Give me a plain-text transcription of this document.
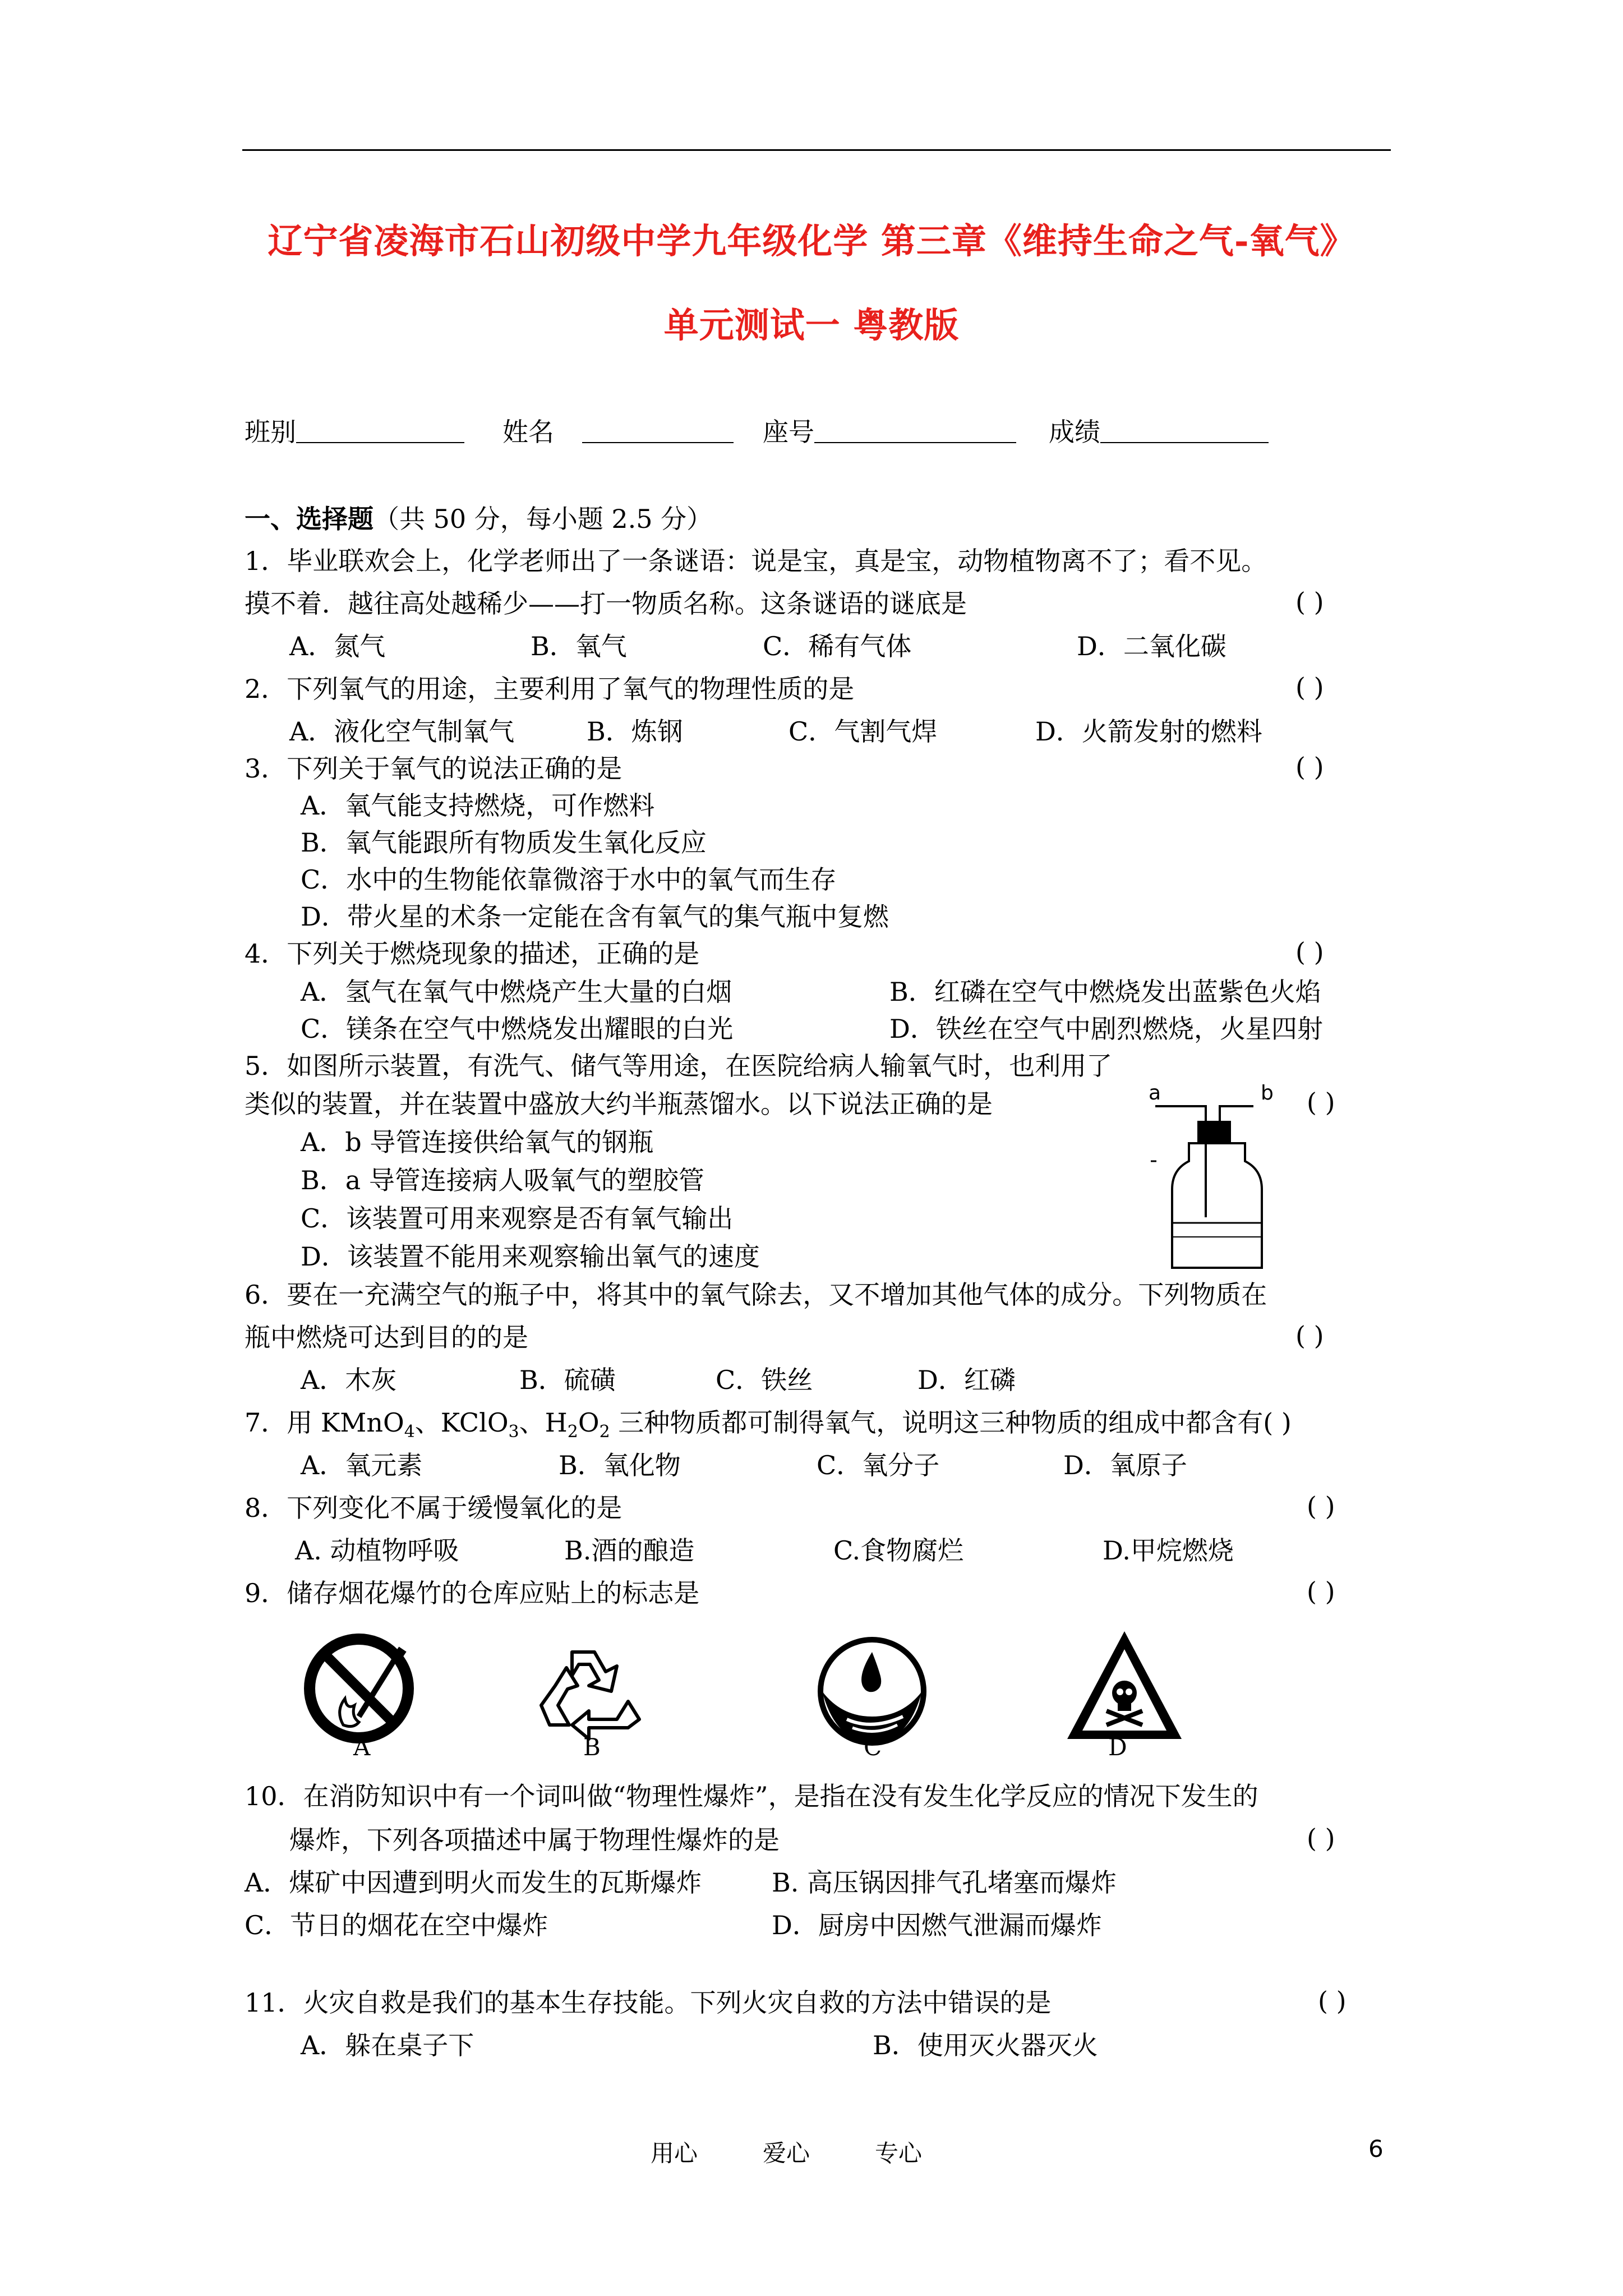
辽宁省凌海市石山初级中学九年级化学 第三章《维持生命之气-氧气》
单元测试一 粤教版
班别	姓名	座号	成绩
一、选择题（共 50 分，每小题 2.5 分）
1．毕业联欢会上，化学老师出了一条谜语：说是宝，真是宝，动物植物离不了；看不见。
摸不着．越往高处越稀少——打一物质名称。这条谜语的谜底是	( )
A．氮气	B．氧气	C．稀有气体	D．二氧化碳
2．下列氧气的用途，主要利用了氧气的物理性质的是	( )
A．液化空气制氧气	B．炼钢	C．气割气焊	D．火箭发射的燃料
3．下列关于氧气的说法正确的是	( )
A．氧气能支持燃烧，可作燃料
B．氧气能跟所有物质发生氧化反应
C．水中的生物能依靠微溶于水中的氧气而生存
D．带火星的术条一定能在含有氧气的集气瓶中复燃
4．下列关于燃烧现象的描述，正确的是	( )
A．氢气在氧气中燃烧产生大量的白烟	B．红磷在空气中燃烧发出蓝紫色火焰
C．镁条在空气中燃烧发出耀眼的白光	D．铁丝在空气中剧烈燃烧，火星四射
5．如图所示装置，有洗气、储气等用途，在医院给病人输氧气时，也利用了
类似的装置，并在装置中盛放大约半瓶蒸馏水。以下说法正确的是	( )
A．b 导管连接供给氧气的钢瓶
B．a 导管连接病人吸氧气的塑胶管
C．该装置可用来观察是否有氧气输出
D．该装置不能用来观察输出氧气的速度
a	b
6．要在一充满空气的瓶子中，将其中的氧气除去，又不增加其他气体的成分。下列物质在
瓶中燃烧可达到目的的是	( )
A．木灰	B．硫磺	C．铁丝	D．红磷
7．用 KMnO$_4$、KClO$_3$、$H_2O_2$ 三种物质都可制得氧气，说明这三种物质的组成中都含有( )
A．氧元素	B．氧化物	C．氧分子	D．氧原子
8．下列变化不属于缓慢氧化的是	( )
A. 动植物呼吸	B.酒的酿造	C.食物腐烂	D.甲烷燃烧
9．储存烟花爆竹的仓库应贴上的标志是	( )
A	B	C	D
10．在消防知识中有一个词叫做“物理性爆炸”，是指在没有发生化学反应的情况下发生的
爆炸，下列各项描述中属于物理性爆炸的是	( )
A．煤矿中因遭到明火而发生的瓦斯爆炸	B. 高压锅因排气孔堵塞而爆炸
C．节日的烟花在空中爆炸	D．厨房中因燃气泄漏而爆炸
11．火灾自救是我们的基本生存技能。下列火灾自救的方法中错误的是	( )
A．躲在桌子下	B．使用灭火器灭火
用心	爱心	专心	6
